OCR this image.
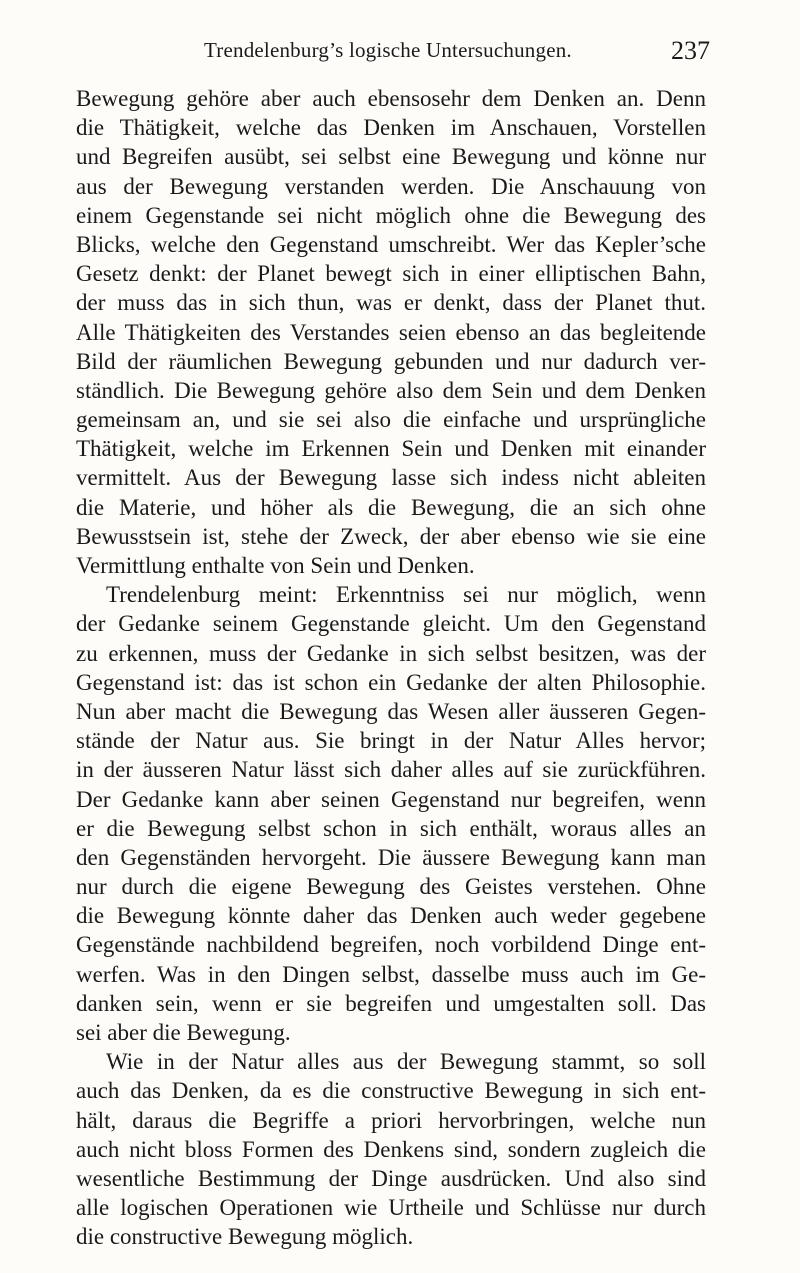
Trendelenburg’s logische Untersuchungen.	237
Bewegung gehöre aber auch ebensosehr dem Denken an. Denn
die Thätigkeit, welche das Denken im Anschauen, Vorstellen
und Begreifen ausübt, sei selbst eine Bewegung und könne nur
aus der Bewegung verstanden werden. Die Anschauung von
einem Gegenstande sei nicht möglich ohne die Bewegung des
Blicks, welche den Gegenstand umschreibt. Wer das Kepler’sche
Gesetz denkt: der Planet bewegt sich in einer elliptischen Bahn,
der muss das in sich thun, was er denkt, dass der Planet thut.
Alle Thätigkeiten des Verstandes seien ebenso an das begleitende
Bild der räumlichen Bewegung gebunden und nur dadurch ver-
ständlich. Die Bewegung gehöre also dem Sein und dem Denken
gemeinsam an, und sie sei also die einfache und ursprüngliche
Thätigkeit, welche im Erkennen Sein und Denken mit einander
vermittelt. Aus der Bewegung lasse sich indess nicht ableiten
die Materie, und höher als die Bewegung, die an sich ohne
Bewusstsein ist, stehe der Zweck, der aber ebenso wie sie eine
Vermittlung enthalte von Sein und Denken.
Trendelenburg meint: Erkenntniss sei nur möglich, wenn
der Gedanke seinem Gegenstande gleicht. Um den Gegenstand
zu erkennen, muss der Gedanke in sich selbst besitzen, was der
Gegenstand ist: das ist schon ein Gedanke der alten Philosophie.
Nun aber macht die Bewegung das Wesen aller äusseren Gegen-
stände der Natur aus. Sie bringt in der Natur Alles hervor;
in der äusseren Natur lässt sich daher alles auf sie zurückführen.
Der Gedanke kann aber seinen Gegenstand nur begreifen, wenn
er die Bewegung selbst schon in sich enthält, woraus alles an
den Gegenständen hervorgeht. Die äussere Bewegung kann man
nur durch die eigene Bewegung des Geistes verstehen. Ohne
die Bewegung könnte daher das Denken auch weder gegebene
Gegenstände nachbildend begreifen, noch vorbildend Dinge ent-
werfen. Was in den Dingen selbst, dasselbe muss auch im Ge-
danken sein, wenn er sie begreifen und umgestalten soll. Das
sei aber die Bewegung.
Wie in der Natur alles aus der Bewegung stammt, so soll
auch das Denken, da es die constructive Bewegung in sich ent-
hält, daraus die Begriffe a priori hervorbringen, welche nun
auch nicht bloss Formen des Denkens sind, sondern zugleich die
wesentliche Bestimmung der Dinge ausdrücken. Und also sind
alle logischen Operationen wie Urtheile und Schlüsse nur durch
die constructive Bewegung möglich.
